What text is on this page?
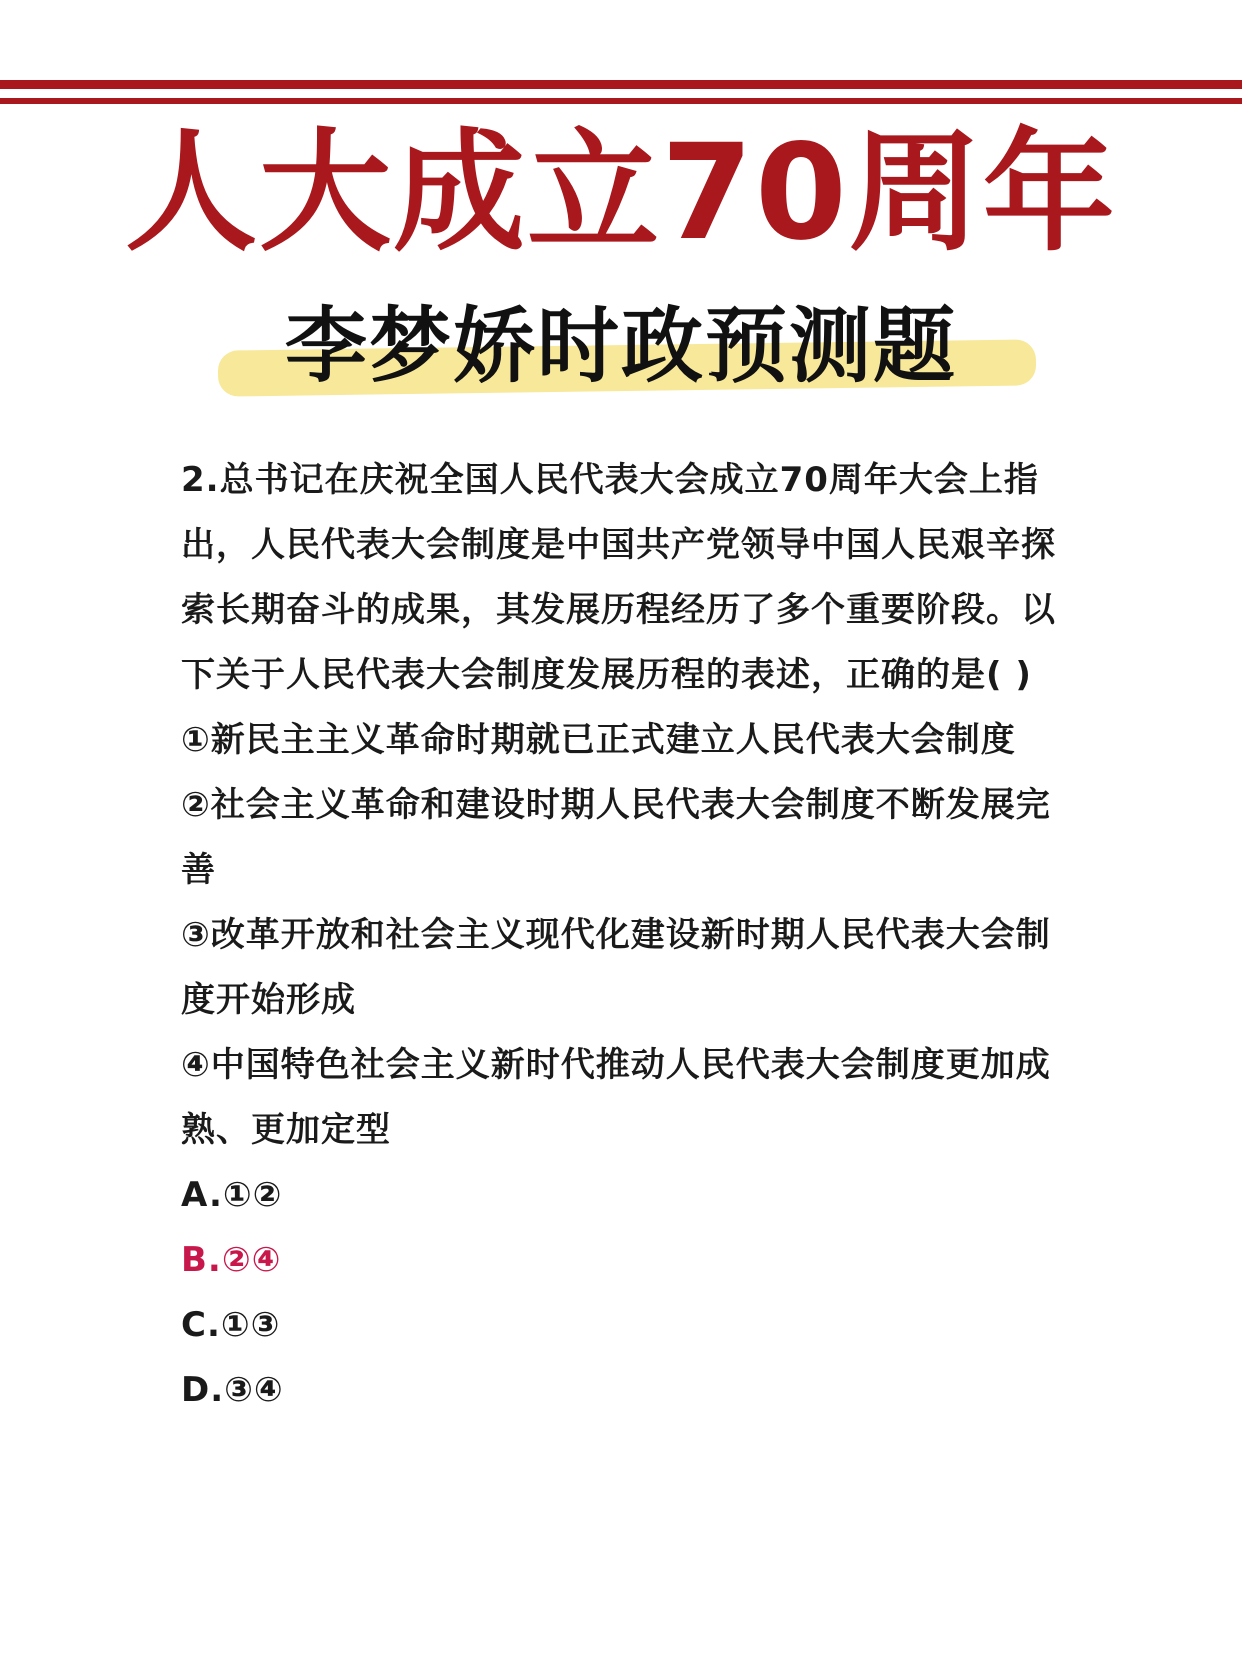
人大成立70周年
李梦娇时政预测题

2.总书记在庆祝全国人民代表大会成立70周年大会上指出，人民代表大会制度是中国共产党领导中国人民艰辛探索长期奋斗的成果，其发展历程经历了多个重要阶段。以下关于人民代表大会制度发展历程的表述，正确的是( )

①新民主主义革命时期就已正式建立人民代表大会制度

②社会主义革命和建设时期人民代表大会制度不断发展完善

③改革开放和社会主义现代化建设新时期人民代表大会制度开始形成

④中国特色社会主义新时代推动人民代表大会制度更加成熟、更加定型

A.①②

B.②④

C.①③

D.③④
